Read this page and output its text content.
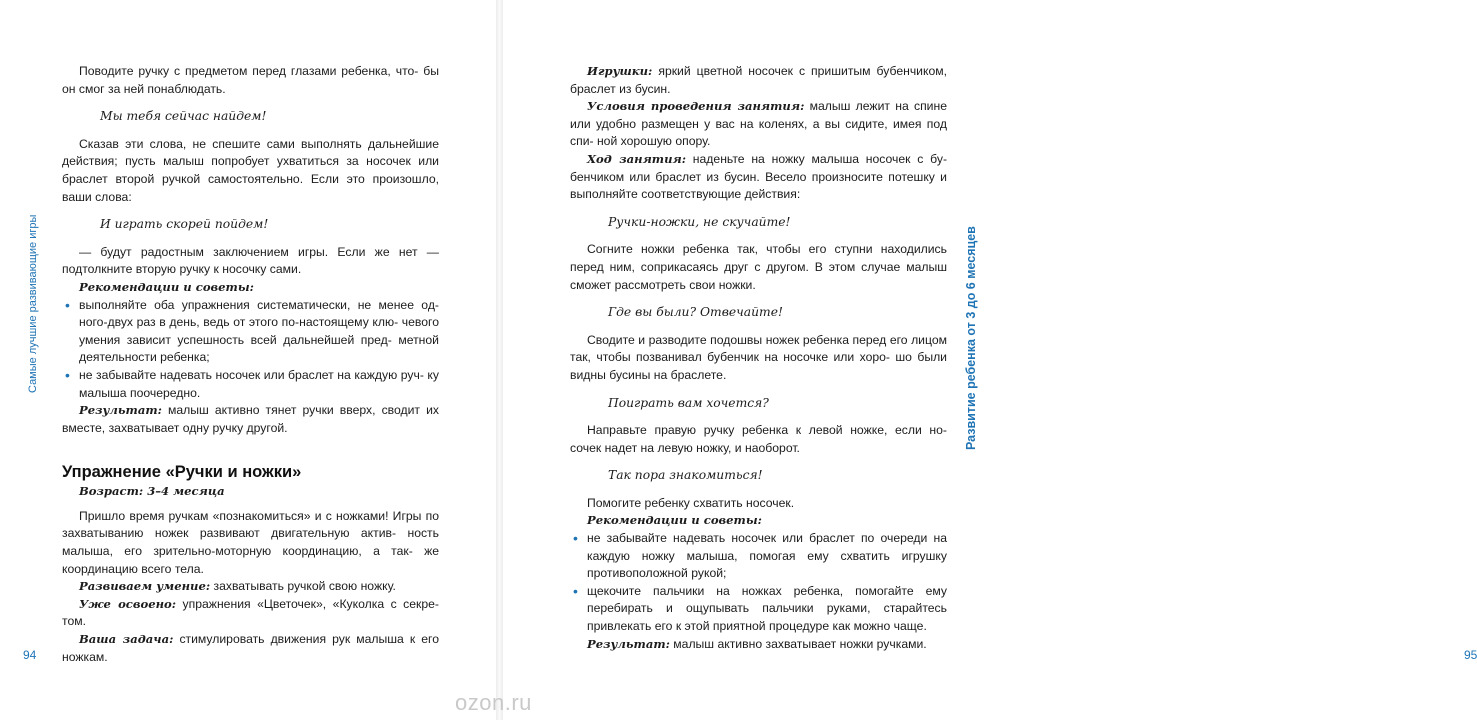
Самые лучшие развивающие игры

Поводите ручку с предметом перед глазами ребенка, что- бы он смог за ней понаблюдать.

Мы тебя сейчас найдем!

Сказав эти слова, не спешите сами выполнять дальнейшие действия; пусть малыш попробует ухватиться за носочек или браслет второй ручкой самостоятельно. Если это произошло, ваши слова:

И играть скорей пойдем!

— будут радостным заключением игры. Если же нет — подтолкните вторую ручку к носочку сами.

Рекомендации и советы:

• выполняйте оба упражнения систематически, не менее од- ного-двух раз в день, ведь от этого по-настоящему клю- чевого умения зависит успешность всей дальнейшей пред- метной деятельности ребенка;
• не забывайте надевать носочек или браслет на каждую руч- ку малыша поочередно.

Результат: малыш активно тянет ручки вверх, сводит их вместе, захватывает одну ручку другой.

Упражнение «Ручки и ножки»

Возраст: 3–4 месяца

Пришло время ручкам «познакомиться» и с ножками! Игры по захватыванию ножек развивают двигательную актив- ность малыша, его зрительно-моторную координацию, а так- же координацию всего тела.

Развиваем умение: захватывать ручкой свою ножку.

Уже освоено: упражнения «Цветочек», «Куколка с секре- том.

Ваша задача: стимулировать движения рук малыша к его ножкам.

94

Игрушки: яркий цветной носочек с пришитым бубенчиком, браслет из бусин.

Условия проведения занятия: малыш лежит на спине или удобно размещен у вас на коленях, а вы сидите, имея под спи- ной хорошую опору.

Ход занятия: наденьте на ножку малыша носочек с бу- бенчиком или браслет из бусин. Весело произносите потешку и выполняйте соответствующие действия:

Ручки-ножки, не скучайте!

Согните ножки ребенка так, чтобы его ступни находились перед ним, соприкасаясь друг с другом. В этом случае малыш сможет рассмотреть свои ножки.

Где вы были? Отвечайте!

Сводите и разводите подошвы ножек ребенка перед его лицом так, чтобы позванивал бубенчик на носочке или хоро- шо были видны бусины на браслете.

Поиграть вам хочется?

Направьте правую ручку ребенка к левой ножке, если но- сочек надет на левую ножку, и наоборот.

Так пора знакомиться!

Помогите ребенку схватить носочек.

Рекомендации и советы:

• не забывайте надевать носочек или браслет по очереди на каждую ножку малыша, помогая ему схватить игрушку противоположной рукой;
• щекочите пальчики на ножках ребенка, помогайте ему перебирать и ощупывать пальчики руками, старайтесь привлекать его к этой приятной процедуре как можно чаще.

Результат: малыш активно захватывает ножки ручками.

95
Развитие ребенка от 3 до 6 месяцев
ozon.ru
